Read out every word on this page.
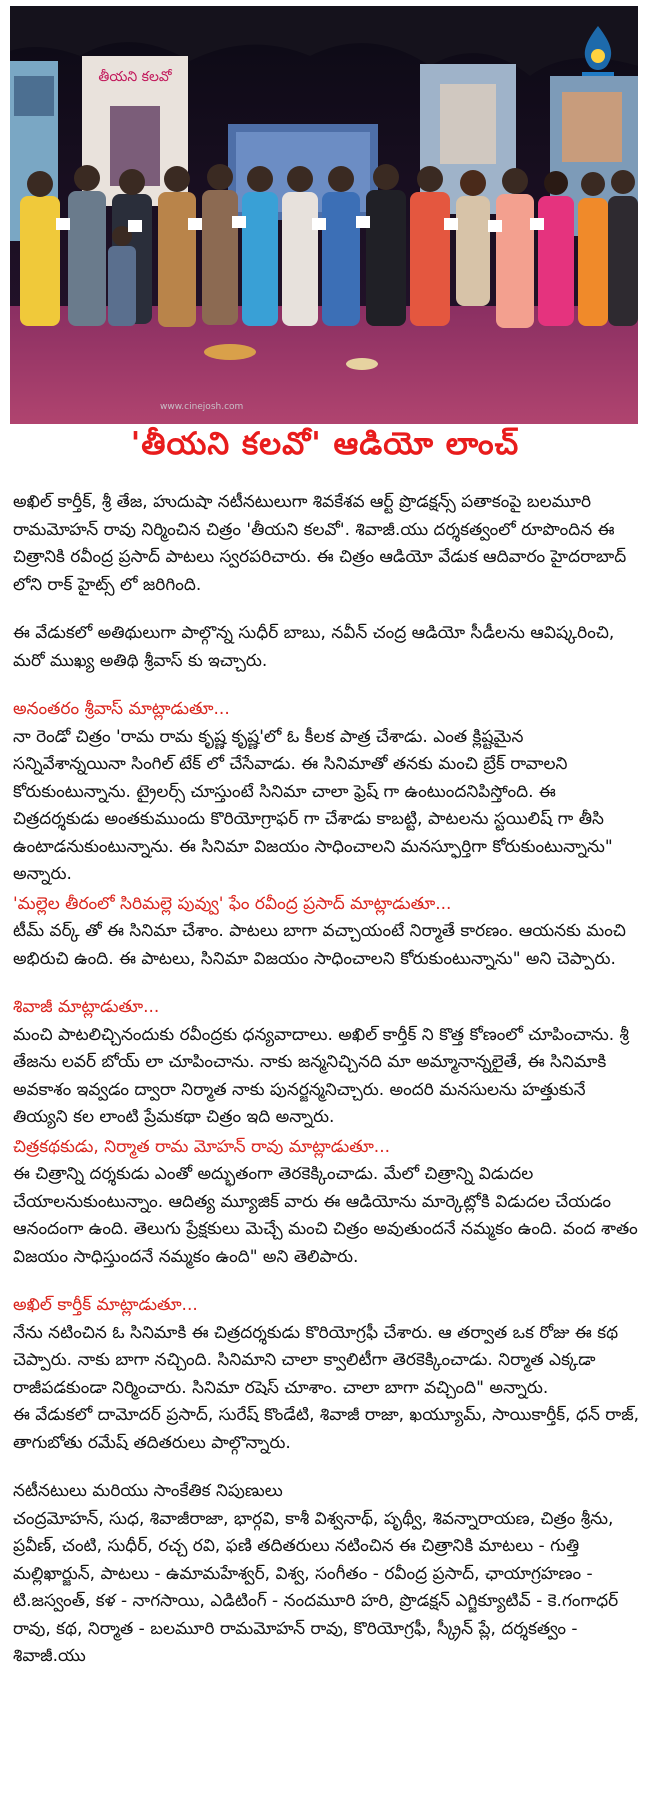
తీయని కలవో
www.cinejosh.com
'తీయని కలవో' ఆడియో లాంచ్

అఖిల్ కార్తీక్, శ్రీ తేజ, హుదుషా నటీనటులుగా శివకేశవ ఆర్ట్ ప్రొడక్షన్స్ పతాకంపై బలమూరి రామమోహన్ రావు నిర్మించిన చిత్రం 'తీయని కలవో'. శివాజీ.యు దర్శకత్వంలో రూపొందిన ఈ చిత్రానికి రవీంద్ర ప్రసాద్ పాటలు స్వరపరిచారు. ఈ చిత్రం ఆడియో వేడుక ఆదివారం హైదరాబాద్ లోని రాక్ హైట్స్ లో జరిగింది.

ఈ వేడుకలో అతిథులుగా పాల్గొన్న సుధీర్ బాబు, నవీన్ చంద్ర ఆడియో సీడీలను ఆవిష్కరించి, మరో ముఖ్య అతిథి శ్రీవాస్ కు ఇచ్చారు.

అనంతరం శ్రీవాస్ మాట్లాడుతూ...

నా రెండో చిత్రం 'రామ రామ కృష్ణ కృష్ణ'లో ఓ కీలక పాత్ర చేశాడు. ఎంత క్లిష్టమైన సన్నివేశాన్నయినా సింగిల్ టేక్ లో చేసేవాడు. ఈ సినిమాతో తనకు మంచి బ్రేక్ రావాలని కోరుకుంటున్నాను. ట్రైలర్స్ చూస్తుంటే సినిమా చాలా ఫ్రెష్ గా ఉంటుందనిపిస్తోంది. ఈ చిత్రదర్శకుడు అంతకుముందు కొరియోగ్రాఫర్ గా చేశాడు కాబట్టి, పాటలను స్టయిలిష్ గా తీసి ఉంటాడనుకుంటున్నాను. ఈ సినిమా విజయం సాధించాలని మనస్ఫూర్తిగా కోరుకుంటున్నాను" అన్నారు.

'మల్లెల తీరంలో సిరిమల్లె పువ్వు' ఫేం రవీంద్ర ప్రసాద్ మాట్లాడుతూ...

టీమ్ వర్క్ తో ఈ సినిమా చేశాం. పాటలు బాగా వచ్చాయంటే నిర్మాతే కారణం. ఆయనకు మంచి అభిరుచి ఉంది. ఈ పాటలు, సినిమా విజయం సాధించాలని కోరుకుంటున్నాను" అని చెప్పారు.

శివాజీ మాట్లాడుతూ...

మంచి పాటలిచ్చినందుకు రవీంద్రకు ధన్యవాదాలు. అఖిల్ కార్తీక్ ని కొత్త కోణంలో చూపించాను. శ్రీ తేజను లవర్ బోయ్ లా చూపించాను. నాకు జన్మనిచ్చినది మా అమ్మానాన్నలైతే, ఈ సినిమాకి అవకాశం ఇవ్వడం ద్వారా నిర్మాత నాకు పునర్జన్మనిచ్చారు. అందరి మనసులను హత్తుకునే తియ్యని కల లాంటి ప్రేమకథా చిత్రం ఇది అన్నారు.

చిత్రకథకుడు, నిర్మాత రామ మోహన్ రావు మాట్లాడుతూ...

ఈ చిత్రాన్ని దర్శకుడు ఎంతో అద్భుతంగా తెరకెక్కించాడు. మేలో చిత్రాన్ని విడుదల చేయాలనుకుంటున్నాం. ఆదిత్య మ్యూజిక్ వారు ఈ ఆడియోను మార్కెట్లోకి విడుదల చేయడం ఆనందంగా ఉంది. తెలుగు ప్రేక్షకులు మెచ్చే మంచి చిత్రం అవుతుందనే నమ్మకం ఉంది. వంద శాతం విజయం సాధిస్తుందనే నమ్మకం ఉంది" అని తెలిపారు.

అఖిల్ కార్తీక్ మాట్లాడుతూ...

నేను నటించిన ఓ సినిమాకి ఈ చిత్రదర్శకుడు కొరియోగ్రఫీ చేశారు. ఆ తర్వాత ఒక రోజు ఈ కథ చెప్పారు. నాకు బాగా నచ్చింది. సినిమాని చాలా క్వాలిటీగా తెరకెక్కించాడు. నిర్మాత ఎక్కడా రాజీపడకుండా నిర్మించారు. సినిమా రషెస్ చూశాం. చాలా బాగా వచ్చింది" అన్నారు.

ఈ వేడుకలో దామోదర్ ప్రసాద్, సురేష్ కొండేటి, శివాజీ రాజా, ఖయ్యూమ్, సాయికార్తీక్, ధన్ రాజ్, తాగుబోతు రమేష్ తదితరులు పాల్గొన్నారు.

నటీనటులు మరియు సాంకేతిక నిపుణులు

చంద్రమోహన్, సుధ, శివాజీరాజా, భార్గవి, కాశీ విశ్వనాథ్, పృథ్వీ, శివన్నారాయణ, చిత్రం శ్రీను, ప్రవీణ్, చంటి, సుధీర్, రచ్చ రవి, ఫణి తదితరులు నటించిన ఈ చిత్రానికి మాటలు - గుత్తి మల్లిఖార్జున్, పాటలు - ఉమామహేశ్వర్, విశ్వ, సంగీతం - రవీంద్ర ప్రసాద్, ఛాయాగ్రహణం - టి.జస్వంత్, కళ - నాగసాయి, ఎడిటింగ్ - నందమూరి హరి, ప్రొడక్షన్ ఎగ్జిక్యూటివ్ - కె.గంగాధర్ రావు, కథ, నిర్మాత - బలమూరి రామమోహన్ రావు, కొరియోగ్రఫీ, స్క్రీన్ ప్లే, దర్శకత్వం - శివాజీ.యు
